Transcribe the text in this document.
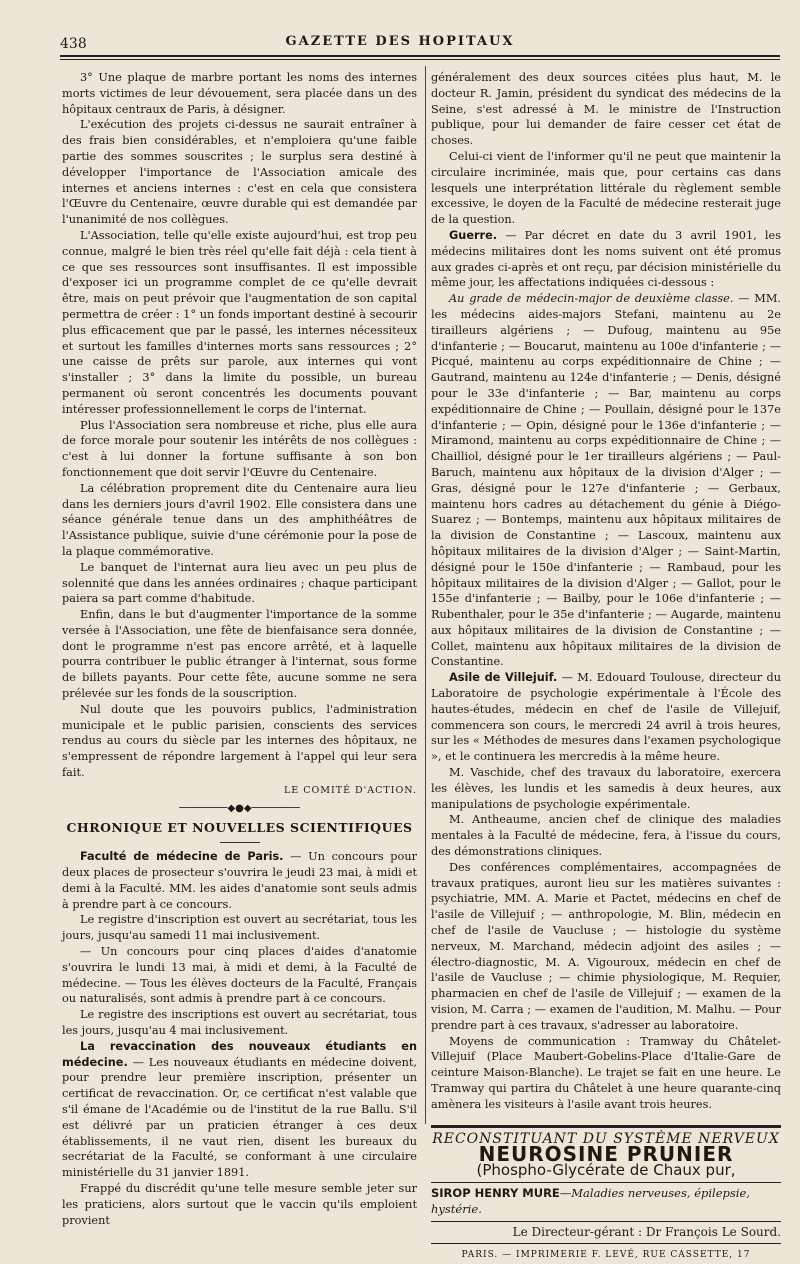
438	GAZETTE DES HOPITAUX

3° Une plaque de marbre portant les noms des internes morts victimes de leur dévouement, sera placée dans un des hôpitaux centraux de Paris, à désigner.

L'exécution des projets ci-dessus ne saurait entraîner à des frais bien considérables, et n'emploiera qu'une faible partie des sommes souscrites ; le surplus sera destiné à développer l'importance de l'Association amicale des internes et anciens internes : c'est en cela que consistera l'Œuvre du Centenaire, œuvre durable qui est demandée par l'unanimité de nos collègues.

L'Association, telle qu'elle existe aujourd'hui, est trop peu connue, malgré le bien très réel qu'elle fait déjà : cela tient à ce que ses ressources sont insuffisantes. Il est impossible d'exposer ici un programme complet de ce qu'elle devrait être, mais on peut prévoir que l'augmentation de son capital permettra de créer : 1° un fonds important destiné à secourir plus efficacement que par le passé, les internes nécessiteux et surtout les familles d'internes morts sans ressources ; 2° une caisse de prêts sur parole, aux internes qui vont s'installer ; 3° dans la limite du possible, un bureau permanent où seront concentrés les documents pouvant intéresser professionnellement le corps de l'internat.

Plus l'Association sera nombreuse et riche, plus elle aura de force morale pour soutenir les intérêts de nos collègues : c'est à lui donner la fortune suffisante à son bon fonctionnement que doit servir l'Œuvre du Centenaire.

La célébration proprement dite du Centenaire aura lieu dans les derniers jours d'avril 1902. Elle consistera dans une séance générale tenue dans un des amphithéâtres de l'Assistance publique, suivie d'une cérémonie pour la pose de la plaque commémorative.

Le banquet de l'internat aura lieu avec un peu plus de solennité que dans les années ordinaires ; chaque participant paiera sa part comme d'habitude.

Enfin, dans le but d'augmenter l'importance de la somme versée à l'Association, une fête de bienfaisance sera donnée, dont le programme n'est pas encore arrêté, et à laquelle pourra contribuer le public étranger à l'internat, sous forme de billets payants. Pour cette fête, aucune somme ne sera prélevée sur les fonds de la souscription.

Nul doute que les pouvoirs publics, l'administration municipale et le public parisien, conscients des services rendus au cours du siècle par les internes des hôpitaux, ne s'empressent de répondre largement à l'appel qui leur sera fait.

LE COMITÉ D'ACTION.
────────◆●◆────────
CHRONIQUE ET NOUVELLES SCIENTIFIQUES

Faculté de médecine de Paris. — Un concours pour deux places de prosecteur s'ouvrira le jeudi 23 mai, à midi et demi à la Faculté. MM. les aides d'anatomie sont seuls admis à prendre part à ce concours.

Le registre d'inscription est ouvert au secrétariat, tous les jours, jusqu'au samedi 11 mai inclusivement.

— Un concours pour cinq places d'aides d'anatomie s'ouvrira le lundi 13 mai, à midi et demi, à la Faculté de médecine. — Tous les élèves docteurs de la Faculté, Français ou naturalisés, sont admis à prendre part à ce concours.

Le registre des inscriptions est ouvert au secrétariat, tous les jours, jusqu'au 4 mai inclusivement.

La revaccination des nouveaux étudiants en médecine. — Les nouveaux étudiants en médecine doivent, pour prendre leur première inscription, présenter un certificat de revaccination. Or, ce certificat n'est valable que s'il émane de l'Académie ou de l'institut de la rue Ballu. S'il est délivré par un praticien étranger à ces deux établissements, il ne vaut rien, disent les bureaux du secrétariat de la Faculté, se conformant à une circulaire ministérielle du 31 janvier 1891.

Frappé du discrédit qu'une telle mesure semble jeter sur les praticiens, alors surtout que le vaccin qu'ils emploient provient

généralement des deux sources citées plus haut, M. le docteur R. Jamin, président du syndicat des médecins de la Seine, s'est adressé à M. le ministre de l'Instruction publique, pour lui demander de faire cesser cet état de choses.

Celui-ci vient de l'informer qu'il ne peut que maintenir la circulaire incriminée, mais que, pour certains cas dans lesquels une interprétation littérale du règlement semble excessive, le doyen de la Faculté de médecine resterait juge de la question.

Guerre. — Par décret en date du 3 avril 1901, les médecins militaires dont les noms suivent ont été promus aux grades ci-après et ont reçu, par décision ministérielle du même jour, les affectations indiquées ci-dessous :

Au grade de médecin-major de deuxième classe. — MM. les médecins aides-majors Stefani, maintenu au 2e tirailleurs algériens ; — Dufoug, maintenu au 95e d'infanterie ; — Boucarut, maintenu au 100e d'infanterie ; — Picqué, maintenu au corps expéditionnaire de Chine ; — Gautrand, maintenu au 124e d'infanterie ; — Denis, désigné pour le 33e d'infanterie ; — Bar, maintenu au corps expéditionnaire de Chine ; — Poullain, désigné pour le 137e d'infanterie ; — Opin, désigné pour le 136e d'infanterie ; — Miramond, maintenu au corps expéditionnaire de Chine ; — Chailliol, désigné pour le 1er tirailleurs algériens ; — Paul-Baruch, maintenu aux hôpitaux de la division d'Alger ; — Gras, désigné pour le 127e d'infanterie ; — Gerbaux, maintenu hors cadres au détachement du génie à Diégo-Suarez ; — Bontemps, maintenu aux hôpitaux militaires de la division de Constantine ; — Lascoux, maintenu aux hôpitaux militaires de la division d'Alger ; — Saint-Martin, désigné pour le 150e d'infanterie ; — Rambaud, pour les hôpitaux militaires de la division d'Alger ; — Gallot, pour le 155e d'infanterie ; — Bailby, pour le 106e d'infanterie ; — Rubenthaler, pour le 35e d'infanterie ; — Augarde, maintenu aux hôpitaux militaires de la division de Constantine ; — Collet, maintenu aux hôpitaux militaires de la division de Constantine.

Asile de Villejuif. — M. Edouard Toulouse, directeur du Laboratoire de psychologie expérimentale à l'École des hautes-études, médecin en chef de l'asile de Villejuif, commencera son cours, le mercredi 24 avril à trois heures, sur les « Méthodes de mesures dans l'examen psychologique », et le continuera les mercredis à la même heure.

M. Vaschide, chef des travaux du laboratoire, exercera les élèves, les lundis et les samedis à deux heures, aux manipulations de psychologie expérimentale.

M. Antheaume, ancien chef de clinique des maladies mentales à la Faculté de médecine, fera, à l'issue du cours, des démonstrations cliniques.

Des conférences complémentaires, accompagnées de travaux pratiques, auront lieu sur les matières suivantes : psychiatrie, MM. A. Marie et Pactet, médecins en chef de l'asile de Villejuif ; — anthropologie, M. Blin, médecin en chef de l'asile de Vaucluse ; — histologie du système nerveux, M. Marchand, médecin adjoint des asiles ; — électro-diagnostic, M. A. Vigouroux, médecin en chef de l'asile de Vaucluse ; — chimie physiologique, M. Requier, pharmacien en chef de l'asile de Villejuif ; — examen de la vision, M. Carra ; — examen de l'audition, M. Malhu. — Pour prendre part à ces travaux, s'adresser au laboratoire.

Moyens de communication : Tramway du Châtelet-Villejuif (Place Maubert-Gobelins-Place d'Italie-Gare de ceinture Maison-Blanche). Le trajet se fait en une heure. Le Tramway qui partira du Châtelet à une heure quarante-cinq amènera les visiteurs à l'asile avant trois heures.

RECONSTITUANT DU SYSTÈME NERVEUX
NEUROSINE PRUNIER
(Phospho-Glycérate de Chaux pur,
SIROP HENRY MURE—Maladies nerveuses, épilepsie, hystérie.
Le Directeur-gérant : Dr François Le Sourd.
PARIS. — IMPRIMERIE F. LEVÉ, RUE CASSETTE, 17
